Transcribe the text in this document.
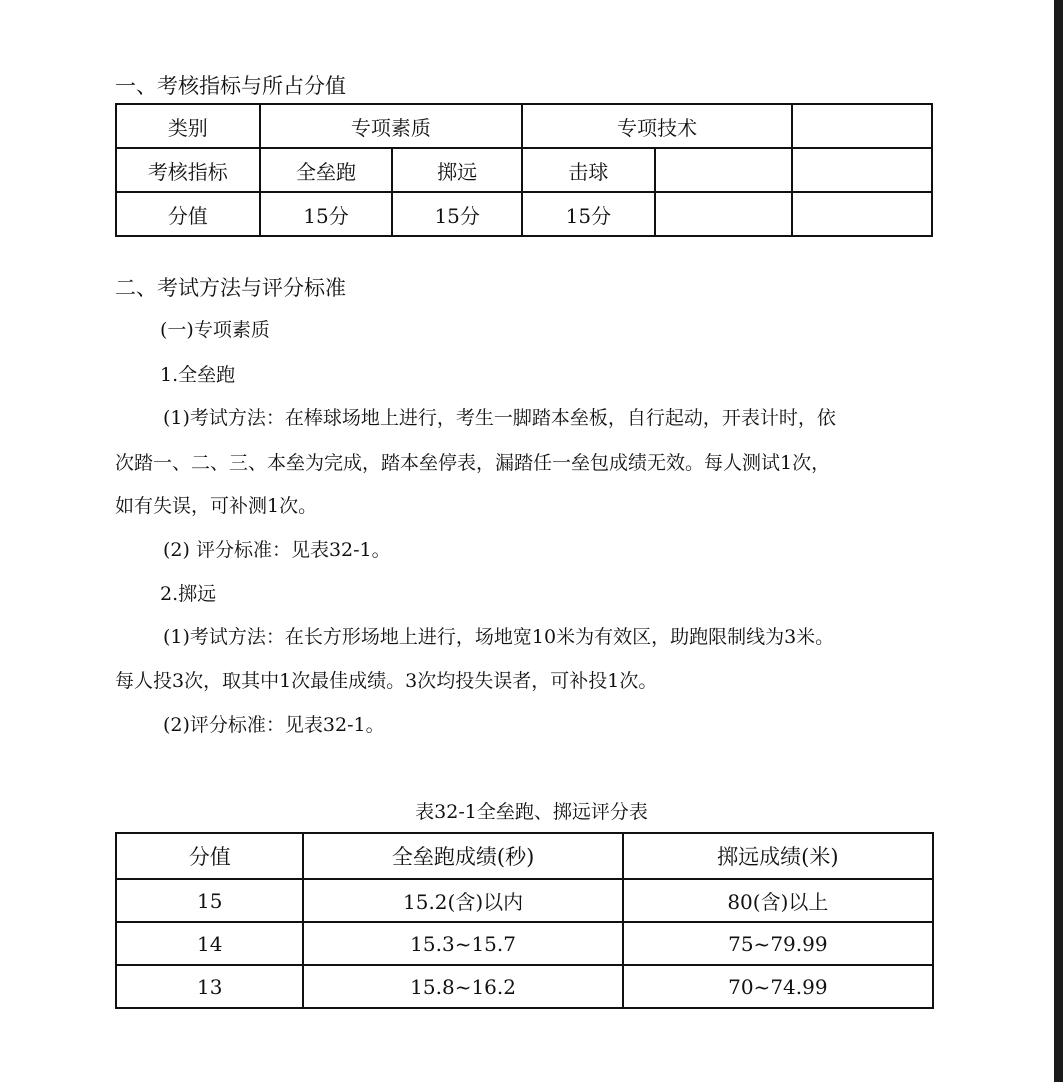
一、考核指标与所占分值
类别	专项素质		专项技术		
考核指标	全垒跑	掷远	击球		
分值	15分	15分	15分		
二、考试方法与评分标准
(一)专项素质
1.全垒跑
(1)考试方法：在棒球场地上进行，考生一脚踏本垒板，自行起动，开表计时，依
次踏一、二、三、本垒为完成，踏本垒停表，漏踏任一垒包成绩无效。每人测试1次，
如有失误，可补测1次。
(2) 评分标准：见表32-1。
2.掷远
(1)考试方法：在长方形场地上进行，场地宽10米为有效区，助跑限制线为3米。
每人投3次，取其中1次最佳成绩。3次均投失误者，可补投1次。
(2)评分标准：见表32-1。
表32-1全垒跑、掷远评分表
分值	全垒跑成绩(秒)	掷远成绩(米)
15	15.2(含)以内	80(含)以上
14	15.3~15.7	75~79.99
13	15.8~16.2	70~74.99
